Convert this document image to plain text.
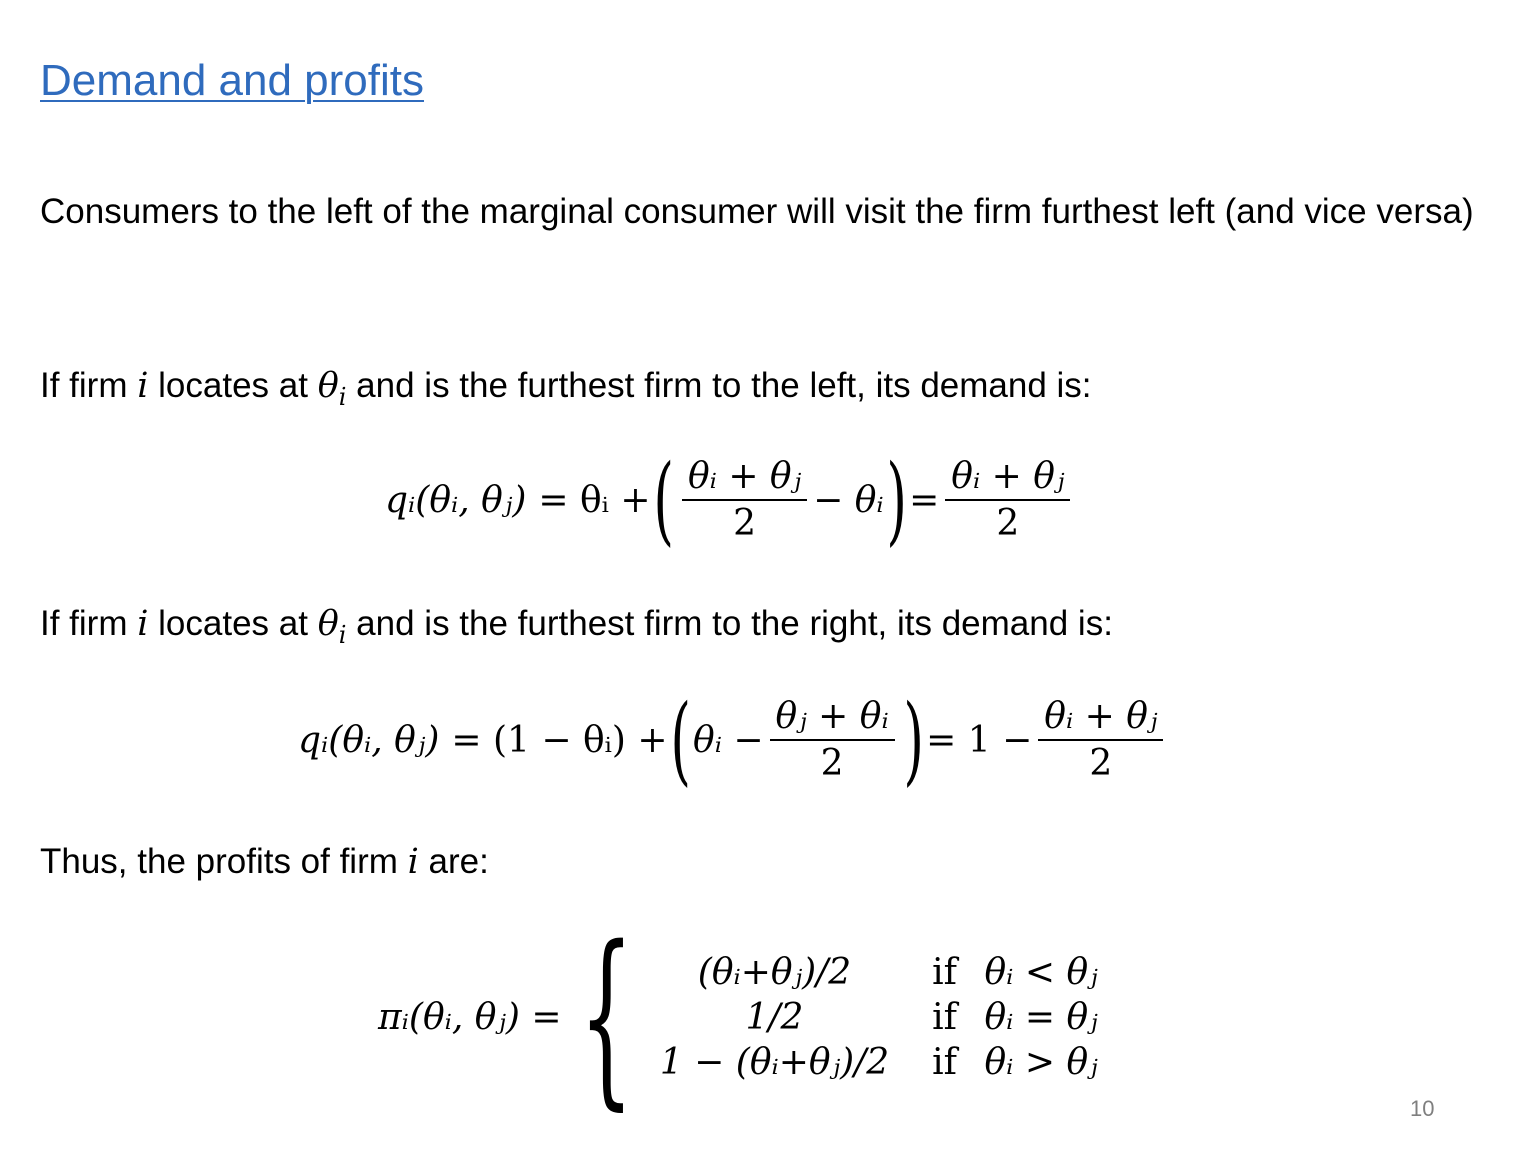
Demand and profits
Consumers to the left of the marginal consumer will visit the firm furthest left (and vice versa)
If firm i locates at $\theta_i$ and is the furthest firm to the left, its demand is:
qᵢ(θᵢ, θⱼ) = θᵢ + ( $\frac{\text{θᵢ + θⱼ}}{2}$ − θᵢ ) = $\frac{\text{θᵢ + θⱼ}}{2}$
If firm i locates at $\theta_i$ and is the furthest firm to the right, its demand is:
qᵢ(θᵢ, θⱼ) = (1 − θᵢ) + ( θᵢ − $\frac{\text{θⱼ + θᵢ}}{2}$ ) = $1 - \frac{\text{θᵢ + θⱼ}}{2}$
Thus, the profits of firm i are:
πᵢ(θᵢ, θⱼ) = {	(θᵢ+θⱼ)/2	if θᵢ < θⱼ
1/2	if θᵢ = θⱼ
1 − (θᵢ+θⱼ)/2	if θᵢ > θⱼ
10
